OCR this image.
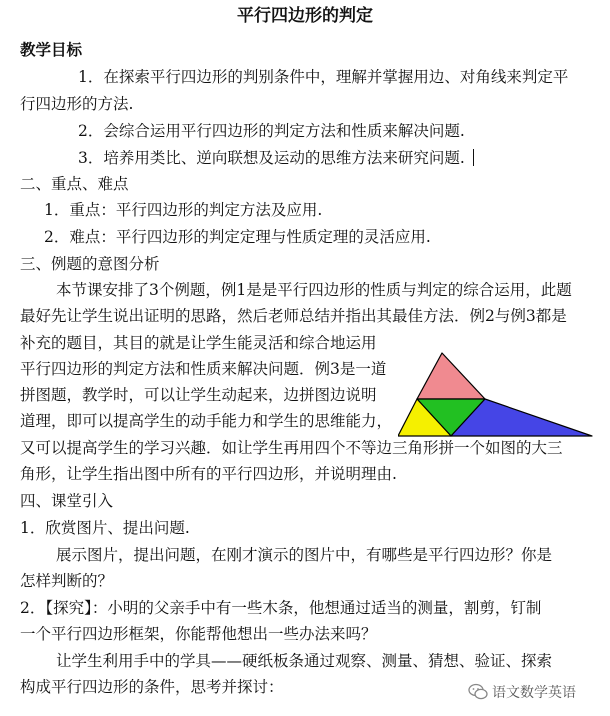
平行四边形的判定
教学目标
1．在探索平行四边形的判别条件中，理解并掌握用边、对角线来判定平
行四边形的方法.
2．会综合运用平行四边形的判定方法和性质来解决问题.
3．培养用类比、逆向联想及运动的思维方法来研究问题.
二、重点、难点
1．重点：平行四边形的判定方法及应用.
2．难点：平行四边形的判定定理与性质定理的灵活应用.
三、例题的意图分析
本节课安排了3个例题，例1是是平行四边形的性质与判定的综合运用，此题
最好先让学生说出证明的思路，然后老师总结并指出其最佳方法．例2与例3都是
补充的题目，其目的就是让学生能灵活和综合地运用
平行四边形的判定方法和性质来解决问题．例3是一道
拼图题，教学时，可以让学生动起来，边拼图边说明
道理，即可以提高学生的动手能力和学生的思维能力，
又可以提高学生的学习兴趣．如让学生再用四个不等边三角形拼一个如图的大三
角形，让学生指出图中所有的平行四边形，并说明理由.
四、课堂引入
1．欣赏图片、提出问题.
展示图片，提出问题，在刚才演示的图片中，有哪些是平行四边形？你是
怎样判断的？
2．【探究】：小明的父亲手中有一些木条，他想通过适当的测量，割剪，钉制
一个平行四边形框架，你能帮他想出一些办法来吗？
让学生利用手中的学具——硬纸板条通过观察、测量、猜想、验证、探索
构成平行四边形的条件，思考并探讨：	语文数学英语
